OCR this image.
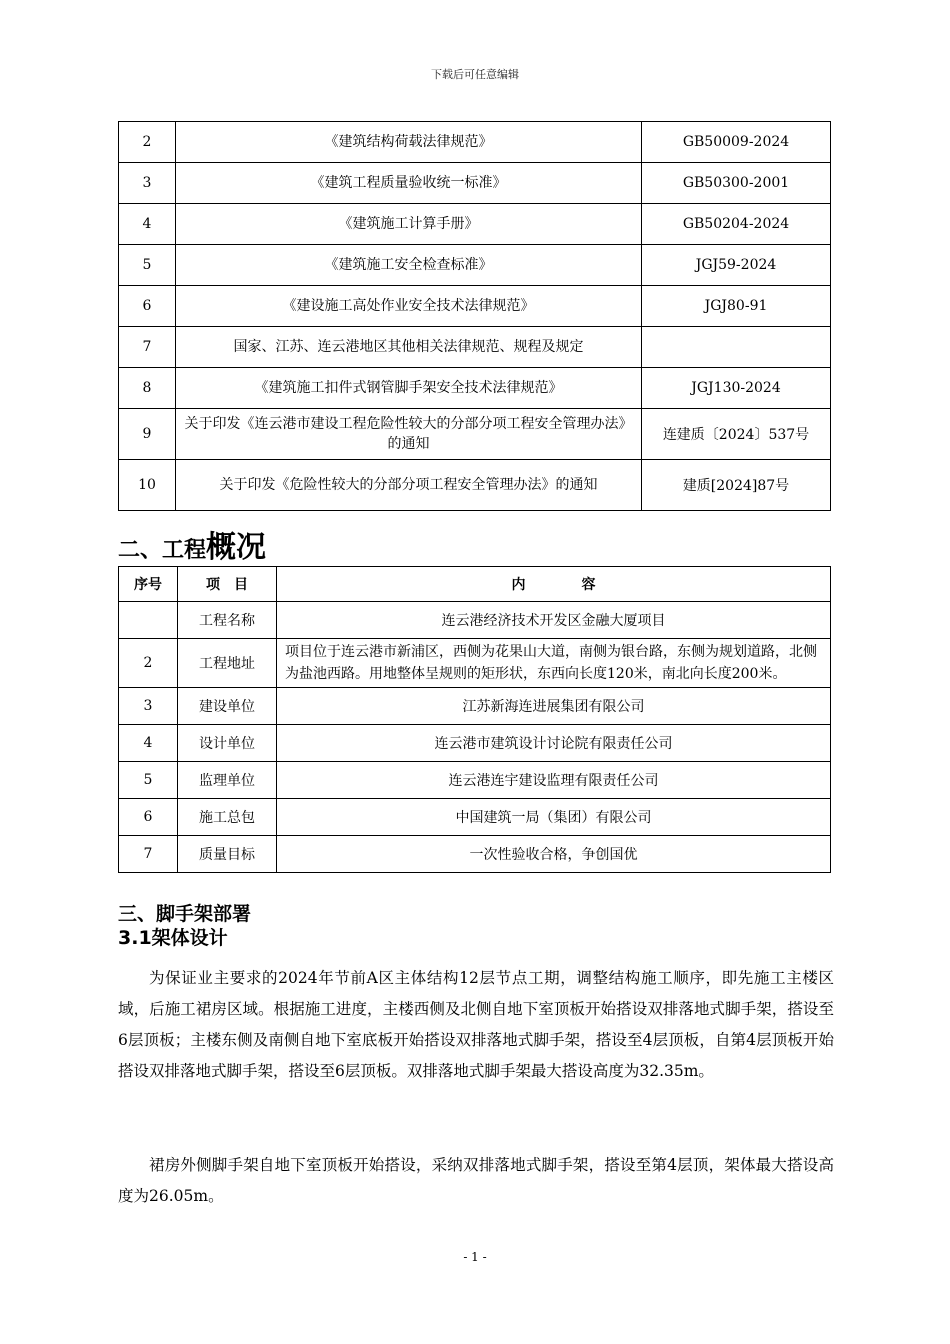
下载后可任意编辑
2	《建筑结构荷载法律规范》	GB50009-2024
3	《建筑工程质量验收统一标准》	GB50300-2001
4	《建筑施工计算手册》	GB50204-2024
5	《建筑施工安全检查标准》	JGJ59-2024
6	《建设施工高处作业安全技术法律规范》	JGJ80-91
7	国家、江苏、连云港地区其他相关法律规范、规程及规定	
8	《建筑施工扣件式钢管脚手架安全技术法律规范》	JGJ130-2024
9	关于印发《连云港市建设工程危险性较大的分部分项工程安全管理办法》的通知	连建质〔2024〕537号
10	关于印发《危险性较大的分部分项工程安全管理办法》的通知	建质[2024]87号
二、工程概况
序号	项　目	内　　　　容
	工程名称	连云港经济技术开发区金融大厦项目
2	工程地址	项目位于连云港市新浦区，西侧为花果山大道，南侧为银台路，东侧为规划道路，北侧为盐池西路。用地整体呈规则的矩形状，东西向长度120米，南北向长度200米。
3	建设单位	江苏新海连进展集团有限公司
4	设计单位	连云港市建筑设计讨论院有限责任公司
5	监理单位	连云港连宇建设监理有限责任公司
6	施工总包	中国建筑一局（集团）有限公司
7	质量目标	一次性验收合格，争创国优
三、脚手架部署
3.1架体设计

为保证业主要求的2024年节前A区主体结构12层节点工期，调整结构施工顺序，即先施工主楼区域，后施工裙房区域。根据施工进度，主楼西侧及北侧自地下室顶板开始搭设双排落地式脚手架，搭设至6层顶板；主楼东侧及南侧自地下室底板开始搭设双排落地式脚手架，搭设至4层顶板，自第4层顶板开始搭设双排落地式脚手架，搭设至6层顶板。双排落地式脚手架最大搭设高度为32.35m。

裙房外侧脚手架自地下室顶板开始搭设，采纳双排落地式脚手架，搭设至第4层顶，架体最大搭设高度为26.05m。

- 1 -
